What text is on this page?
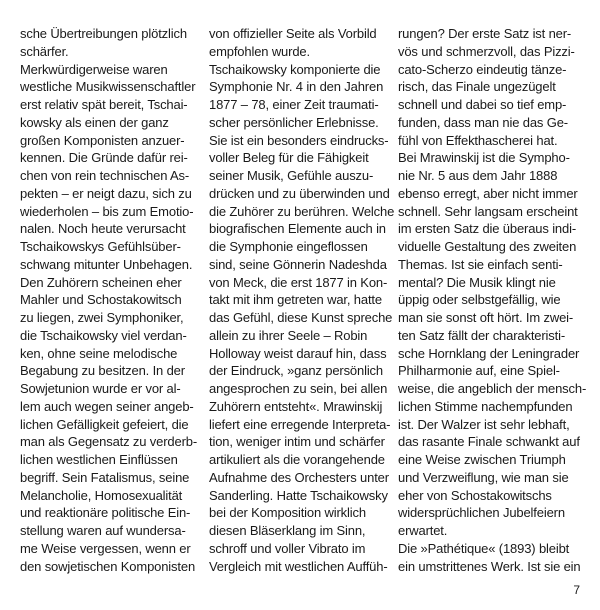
sche Übertreibungen plötzlich
schärfer.
Merkwürdigerweise waren
westliche Musikwissenschaftler
erst relativ spät bereit, Tschai-
kowsky als einen der ganz
großen Komponisten anzuer-
kennen. Die Gründe dafür rei-
chen von rein technischen As-
pekten – er neigt dazu, sich zu
wiederholen – bis zum Emotio-
nalen. Noch heute verursacht
Tschaikowskys Gefühlsüber-
schwang mitunter Unbehagen.
Den Zuhörern scheinen eher
Mahler und Schostakowitsch
zu liegen, zwei Symphoniker,
die Tschaikowsky viel verdan-
ken, ohne seine melodische
Begabung zu besitzen. In der
Sowjetunion wurde er vor al-
lem auch wegen seiner angeb-
lichen Gefälligkeit gefeiert, die
man als Gegensatz zu verderb-
lichen westlichen Einflüssen
begriff. Sein Fatalismus, seine
Melancholie, Homosexualität
und reaktionäre politische Ein-
stellung waren auf wundersa-
me Weise vergessen, wenn er
den sowjetischen Komponisten
von offizieller Seite als Vorbild
empfohlen wurde.
Tschaikowsky komponierte die
Symphonie Nr. 4 in den Jahren
1877 – 78, einer Zeit traumati-
scher persönlicher Erlebnisse.
Sie ist ein besonders eindrucks-
voller Beleg für die Fähigkeit
seiner Musik, Gefühle auszu-
drücken und zu überwinden und
die Zuhörer zu berühren. Welche
biografischen Elemente auch in
die Symphonie eingeflossen
sind, seine Gönnerin Nadeshda
von Meck, die erst 1877 in Kon-
takt mit ihm getreten war, hatte
das Gefühl, diese Kunst spreche
allein zu ihrer Seele – Robin
Holloway weist darauf hin, dass
der Eindruck, »ganz persönlich
angesprochen zu sein, bei allen
Zuhörern entsteht«. Mrawinskij
liefert eine erregende Interpreta-
tion, weniger intim und schärfer
artikuliert als die vorangehende
Aufnahme des Orchesters unter
Sanderling. Hatte Tschaikowsky
bei der Komposition wirklich
diesen Bläserklang im Sinn,
schroff und voller Vibrato im
Vergleich mit westlichen Auffüh-
rungen? Der erste Satz ist ner-
vös und schmerzvoll, das Pizzi-
cato-Scherzo eindeutig tänze-
risch, das Finale ungezügelt
schnell und dabei so tief emp-
funden, dass man nie das Ge-
fühl von Effekthascherei hat.
Bei Mrawinskij ist die Sympho-
nie Nr. 5 aus dem Jahr 1888
ebenso erregt, aber nicht immer
schnell. Sehr langsam erscheint
im ersten Satz die überaus indi-
viduelle Gestaltung des zweiten
Themas. Ist sie einfach senti-
mental? Die Musik klingt nie
üppig oder selbstgefällig, wie
man sie sonst oft hört. Im zwei-
ten Satz fällt der charakteristi-
sche Hornklang der Leningrader
Philharmonie auf, eine Spiel-
weise, die angeblich der mensch-
lichen Stimme nachempfunden
ist. Der Walzer ist sehr lebhaft,
das rasante Finale schwankt auf
eine Weise zwischen Triumph
und Verzweiflung, wie man sie
eher von Schostakowitschs
widersprüchlichen Jubelfeiern
erwartet.
Die »Pathétique« (1893) bleibt
ein umstrittenes Werk. Ist sie ein
7
